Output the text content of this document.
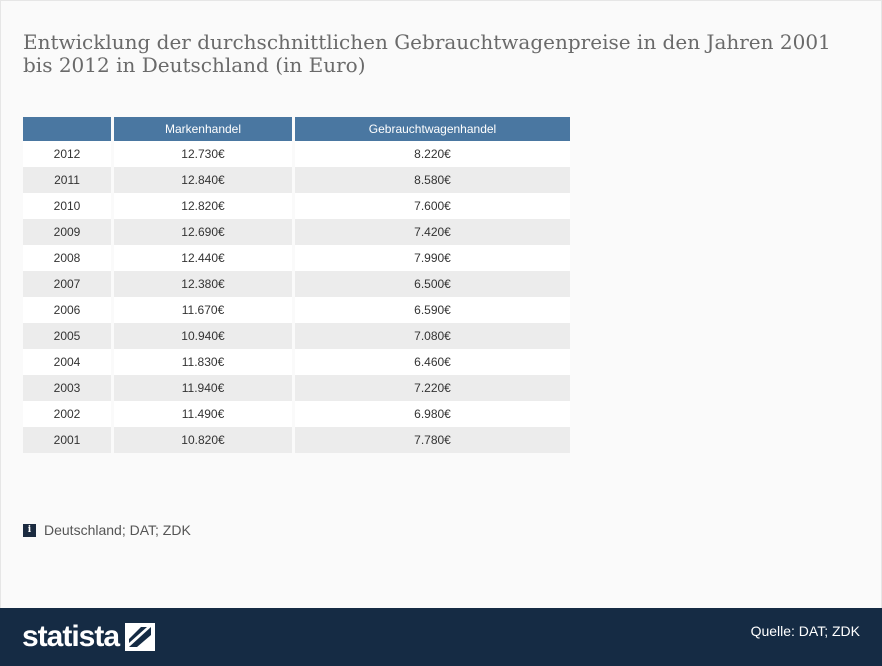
Entwicklung der durchschnittlichen Gebrauchtwagenpreise in den Jahren 2001 bis 2012 in Deutschland (in Euro)
	Markenhandel	Gebrauchtwagenhandel
2012	12.730€	8.220€
2011	12.840€	8.580€
2010	12.820€	7.600€
2009	12.690€	7.420€
2008	12.440€	7.990€
2007	12.380€	6.500€
2006	11.670€	6.590€
2005	10.940€	7.080€
2004	11.830€	6.460€
2003	11.940€	7.220€
2002	11.490€	6.980€
2001	10.820€	7.780€
i Deutschland; DAT; ZDK
statista	Quelle: DAT; ZDK
